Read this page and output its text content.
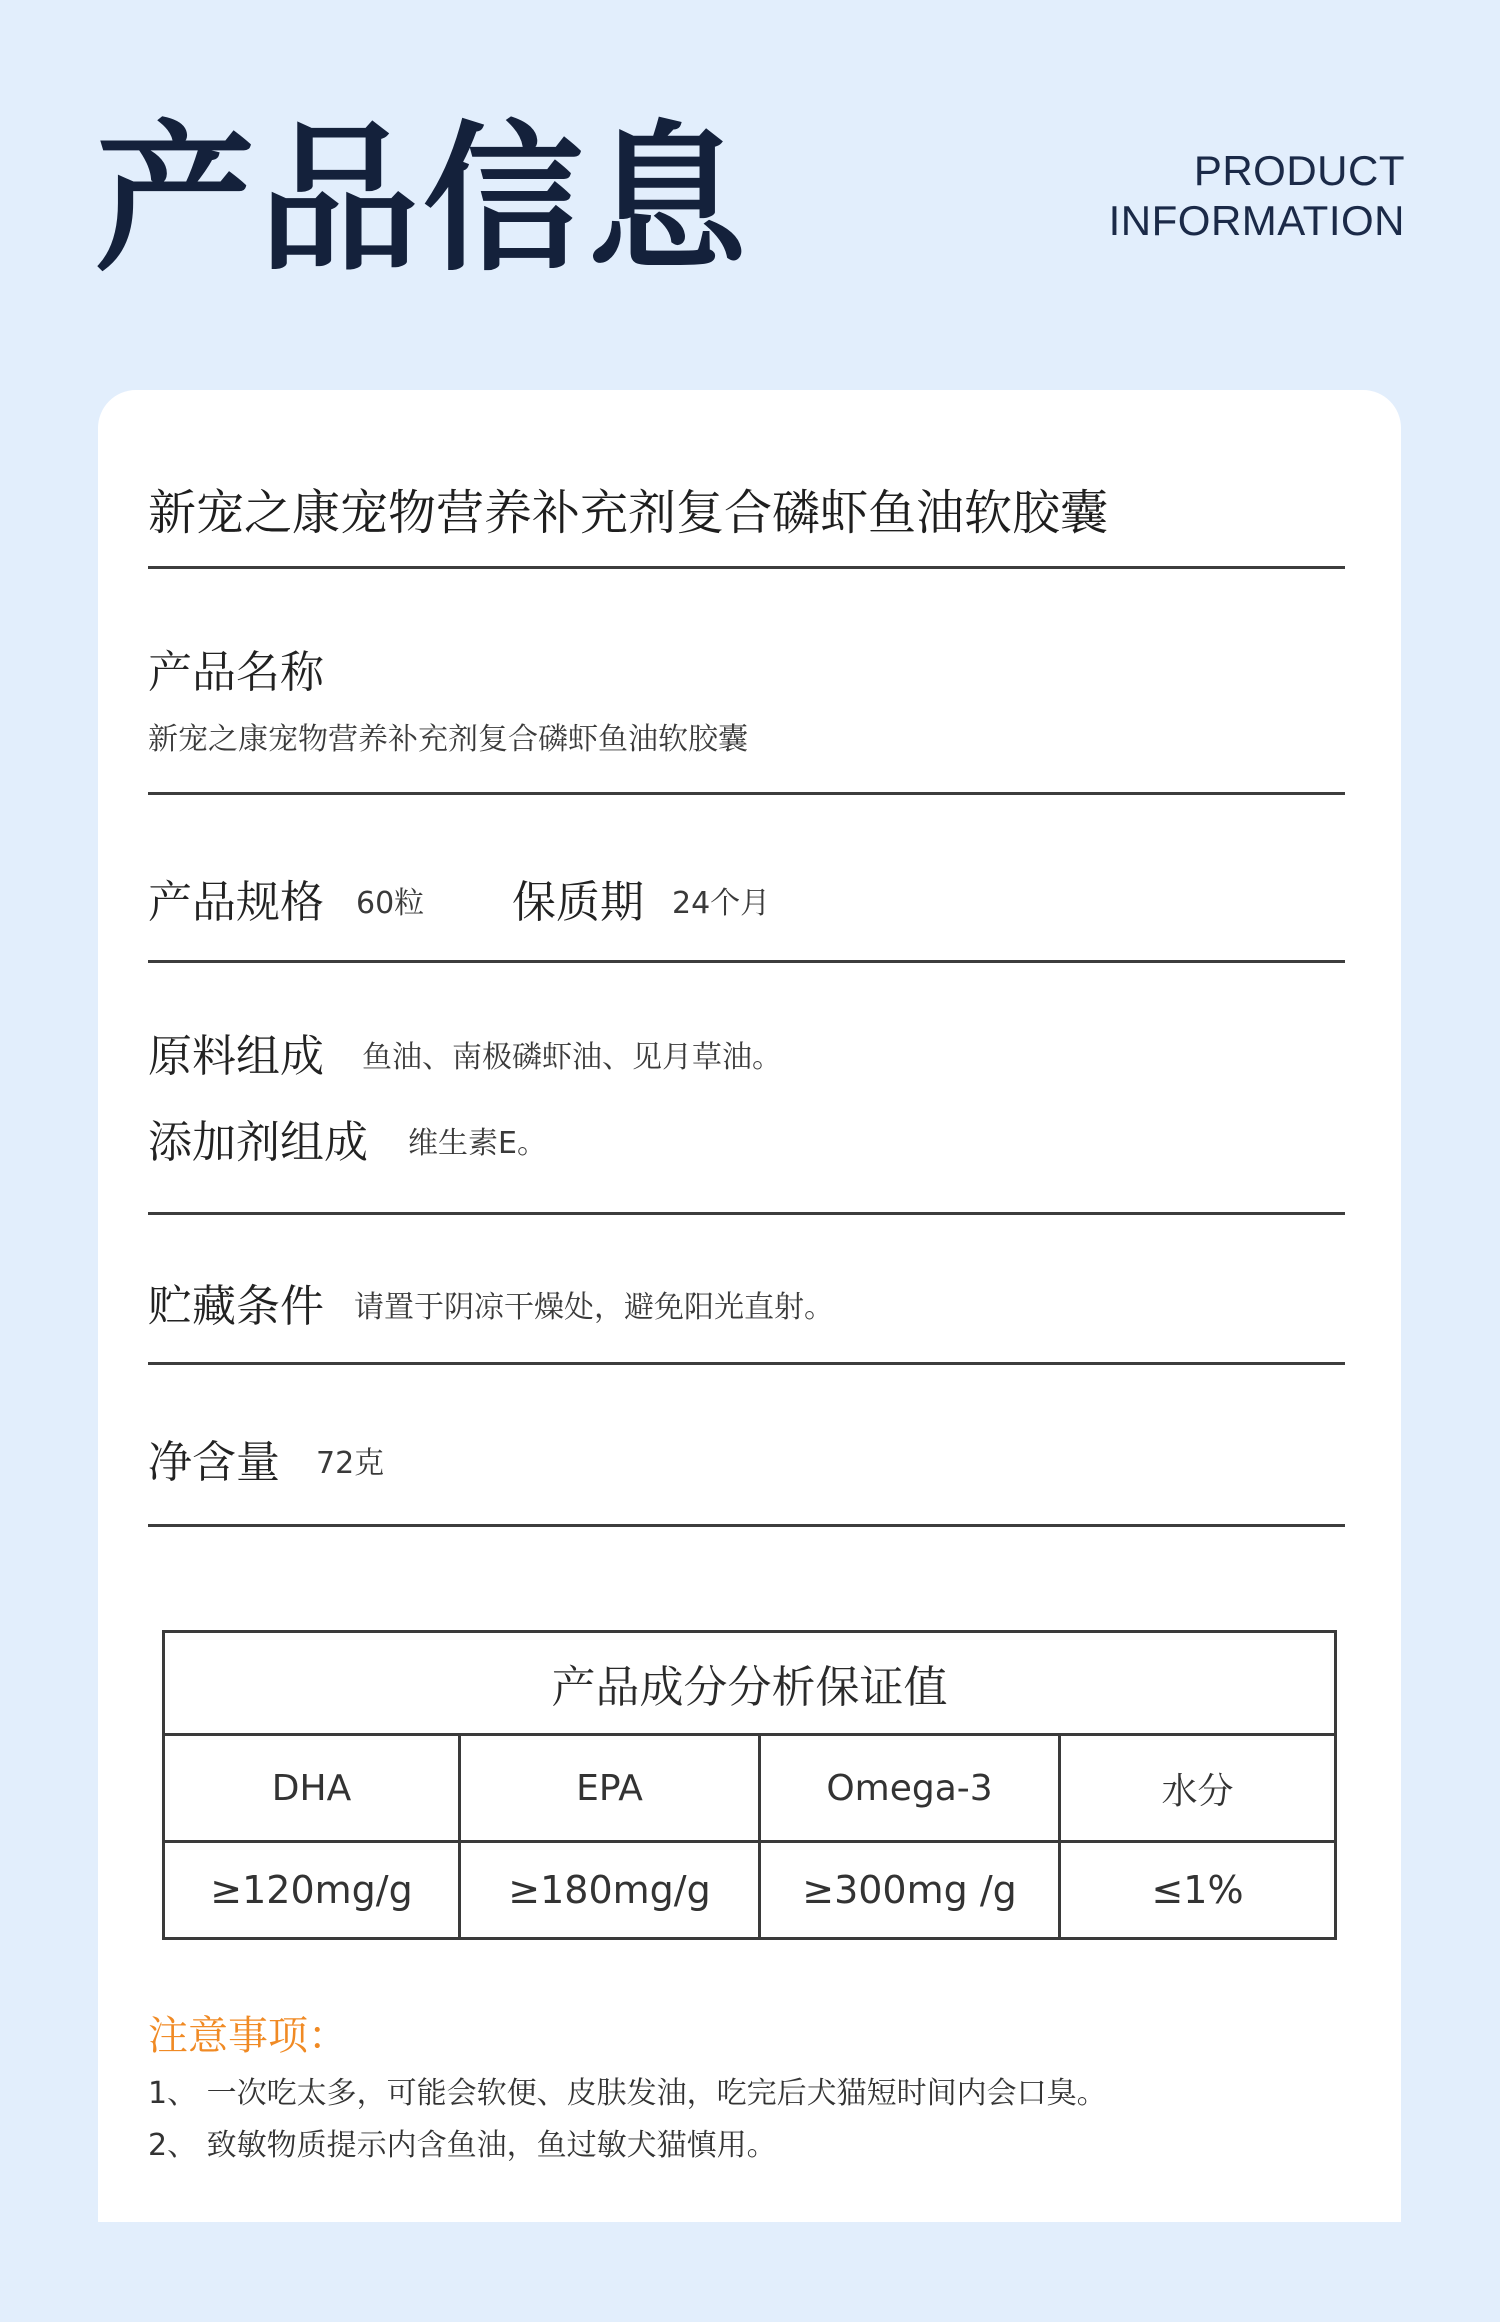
产品信息	PRODUCT
INFORMATION
新宠之康宠物营养补充剂复合磷虾鱼油软胶囊
产品名称
新宠之康宠物营养补充剂复合磷虾鱼油软胶囊
产品规格 60粒 保质期 24个月
原料组成 鱼油、南极磷虾油、见月草油。
添加剂组成 维生素E。
贮藏条件 请置于阴凉干燥处，避免阳光直射。
净含量 72克
产品成分分析保证值			
DHA	EPA	Omega-3	水分
≥120mg/g	≥180mg/g	≥300mg /g	≤1%
注意事项：
1、 一次吃太多，可能会软便、皮肤发油，吃完后犬猫短时间内会口臭。
2、 致敏物质提示内含鱼油，鱼过敏犬猫慎用。
